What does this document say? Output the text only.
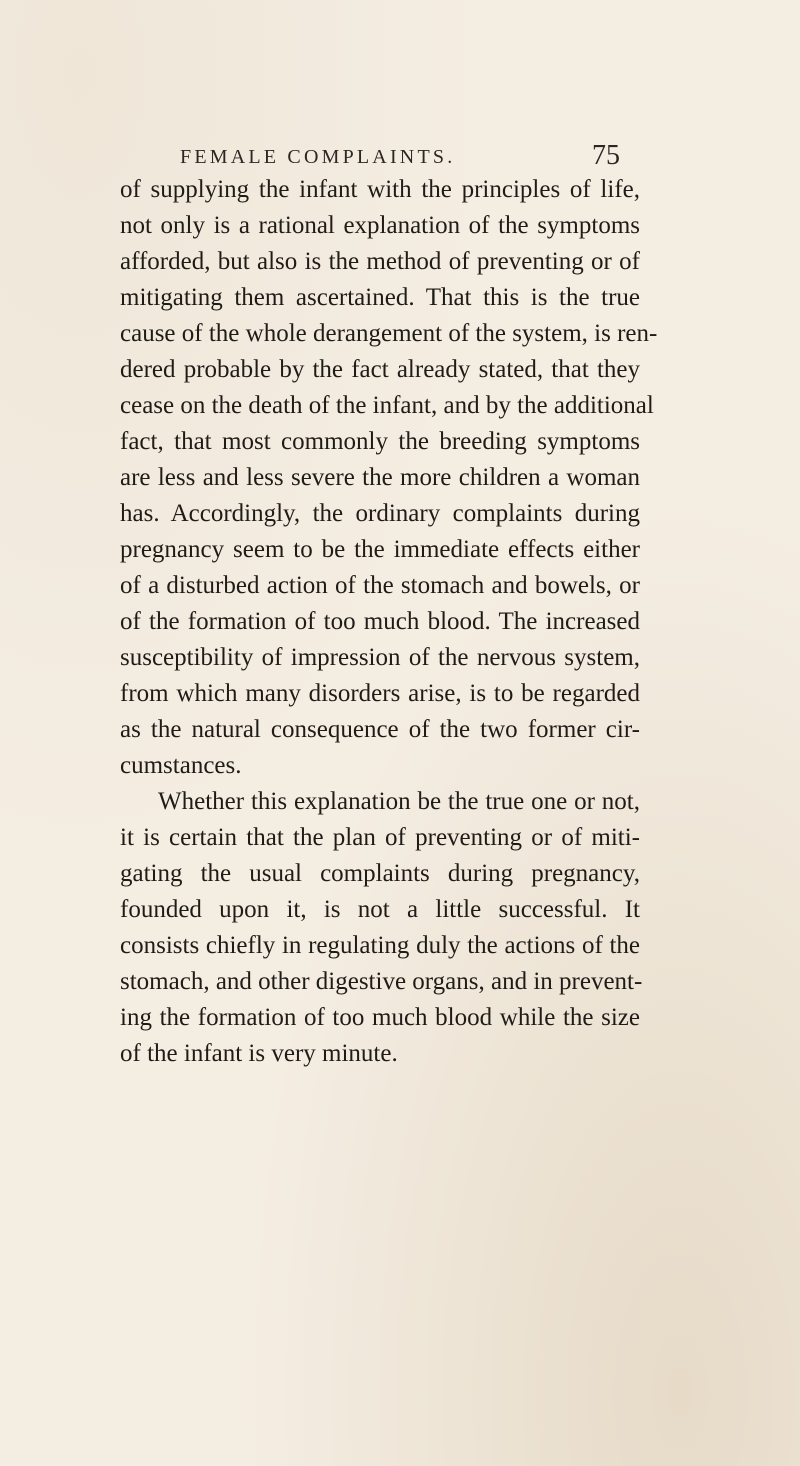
FEMALE COMPLAINTS.	75
of supplying the infant with the principles of life,
not only is a rational explanation of the symptoms
afforded, but also is the method of preventing or of
mitigating them ascertained. That this is the true
cause of the whole derangement of the system, is ren-
dered probable by the fact already stated, that they
cease on the death of the infant, and by the additional
fact, that most commonly the breeding symptoms
are less and less severe the more children a woman
has. Accordingly, the ordinary complaints during
pregnancy seem to be the immediate effects either
of a disturbed action of the stomach and bowels, or
of the formation of too much blood. The increased
susceptibility of impression of the nervous system,
from which many disorders arise, is to be regarded
as the natural consequence of the two former cir-
cumstances.
Whether this explanation be the true one or not,
it is certain that the plan of preventing or of miti-
gating the usual complaints during pregnancy,
founded upon it, is not a little successful. It
consists chiefly in regulating duly the actions of the
stomach, and other digestive organs, and in prevent-
ing the formation of too much blood while the size
of the infant is very minute.
